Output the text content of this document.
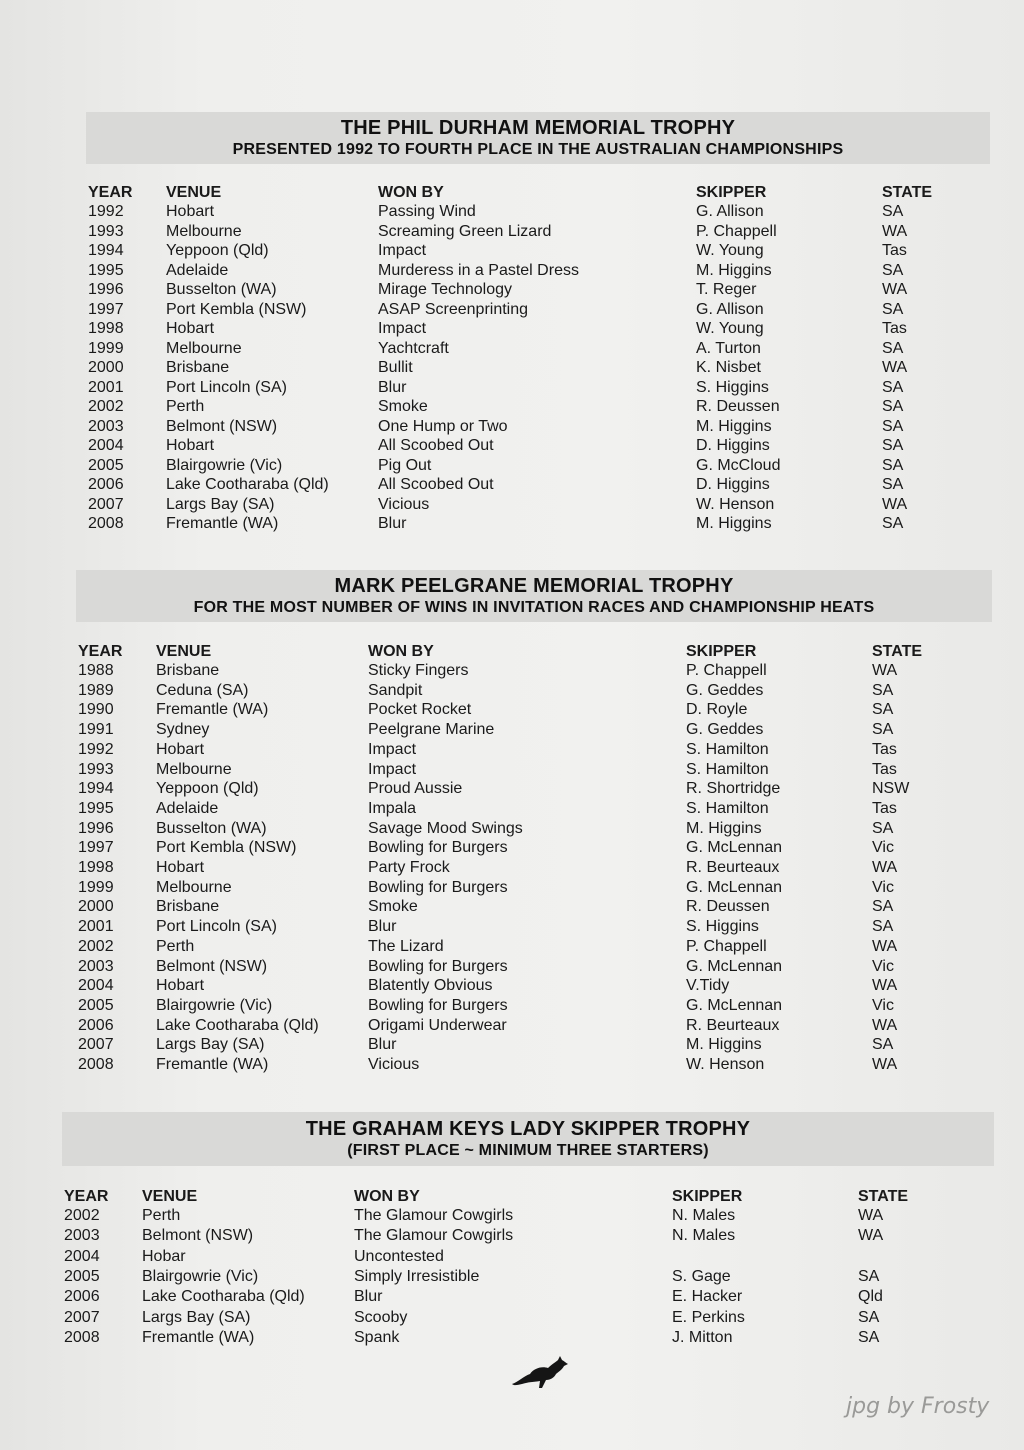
THE PHIL DURHAM MEMORIAL TROPHY
PRESENTED 1992 TO FOURTH PLACE IN THE AUSTRALIAN CHAMPIONSHIPS
YEAR VENUE	WON BY	SKIPPER	STATE
1992	Hobart	Passing Wind	G. Allison	SA
1993	Melbourne	Screaming Green Lizard	P. Chappell	WA
1994	Yeppoon (Qld)	Impact	W. Young	Tas
1995	Adelaide	Murderess in a Pastel Dress	M. Higgins	SA
1996	Busselton (WA)	Mirage Technology	T. Reger	WA
1997	Port Kembla (NSW)	ASAP Screenprinting	G. Allison	SA
1998	Hobart	Impact	W. Young	Tas
1999	Melbourne	Yachtcraft	A. Turton	SA
2000	Brisbane	Bullit	K. Nisbet	WA
2001	Port Lincoln (SA)	Blur	S. Higgins	SA
2002	Perth	Smoke	R. Deussen	SA
2003	Belmont (NSW)	One Hump or Two	M. Higgins	SA
2004	Hobart	All Scoobed Out	D. Higgins	SA
2005	Blairgowrie (Vic)	Pig Out	G. McCloud	SA
2006	Lake Cootharaba (Qld)	All Scoobed Out	D. Higgins	SA
2007	Largs Bay (SA)	Vicious	W. Henson	WA
2008	Fremantle (WA)	Blur	M. Higgins	SA
MARK PEELGRANE MEMORIAL TROPHY
FOR THE MOST NUMBER OF WINS IN INVITATION RACES AND CHAMPIONSHIP HEATS
YEAR VENUE	WON BY	SKIPPER	STATE
1988	Brisbane	Sticky Fingers	P. Chappell	WA
1989	Ceduna (SA)	Sandpit	G. Geddes	SA
1990	Fremantle (WA)	Pocket Rocket	D. Royle	SA
1991	Sydney	Peelgrane Marine	G. Geddes	SA
1992	Hobart	Impact	S. Hamilton	Tas
1993	Melbourne	Impact	S. Hamilton	Tas
1994	Yeppoon (Qld)	Proud Aussie	R. Shortridge	NSW
1995	Adelaide	Impala	S. Hamilton	Tas
1996	Busselton (WA)	Savage Mood Swings	M. Higgins	SA
1997	Port Kembla (NSW)	Bowling for Burgers	G. McLennan	Vic
1998	Hobart	Party Frock	R. Beurteaux	WA
1999	Melbourne	Bowling for Burgers	G. McLennan	Vic
2000	Brisbane	Smoke	R. Deussen	SA
2001	Port Lincoln (SA)	Blur	S. Higgins	SA
2002	Perth	The Lizard	P. Chappell	WA
2003	Belmont (NSW)	Bowling for Burgers	G. McLennan	Vic
2004	Hobart	Blatently Obvious	V.Tidy	WA
2005	Blairgowrie (Vic)	Bowling for Burgers	G. McLennan	Vic
2006	Lake Cootharaba (Qld)	Origami Underwear	R. Beurteaux	WA
2007	Largs Bay (SA)	Blur	M. Higgins	SA
2008	Fremantle (WA)	Vicious	W. Henson	WA
THE GRAHAM KEYS LADY SKIPPER TROPHY
(FIRST PLACE ~ MINIMUM THREE STARTERS)
YEAR VENUE	WON BY	SKIPPER	STATE
2002	Perth	The Glamour Cowgirls	N. Males	WA
2003	Belmont (NSW)	The Glamour Cowgirls	N. Males	WA
2004	Hobar	Uncontested
2005	Blairgowrie (Vic)	Simply Irresistible	S. Gage	SA
2006	Lake Cootharaba (Qld)	Blur	E. Hacker	Qld
2007	Largs Bay (SA)	Scooby	E. Perkins	SA
2008	Fremantle (WA)	Spank	J. Mitton	SA
jpg by Frosty
